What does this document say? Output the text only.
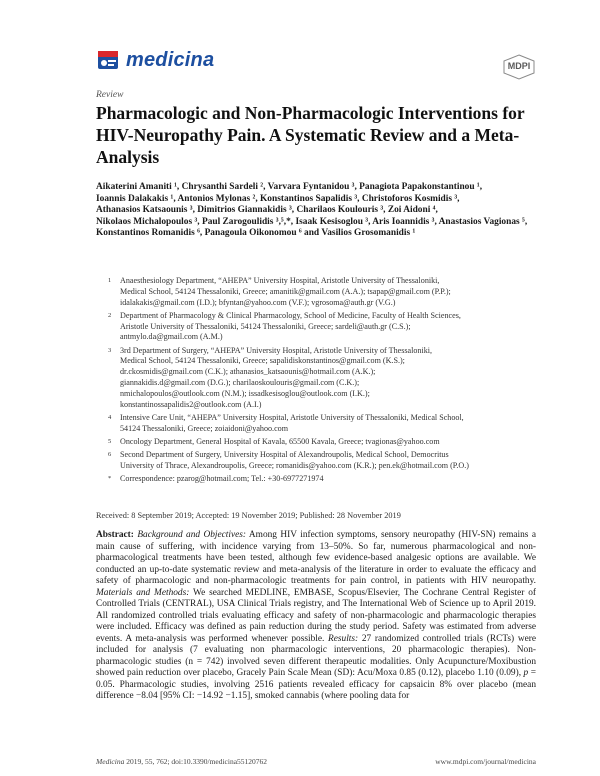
medicina	MDPI
Review
Pharmacologic and Non-Pharmacologic Interventions for HIV-Neuropathy Pain. A Systematic Review and a Meta-Analysis
Aikaterini Amaniti ¹, Chrysanthi Sardeli ², Varvara Fyntanidou ³, Panagiota Papakonstantinou ¹, Ioannis Dalakakis ¹, Antonios Mylonas ², Konstantinos Sapalidis ³, Christoforos Kosmidis ³, Athanasios Katsaounis ³, Dimitrios Giannakidis ³, Charilaos Koulouris ³, Zoi Aidoni ⁴, Nikolaos Michalopoulos ³, Paul Zarogoulidis ³,⁵,*, Isaak Kesisoglou ³, Aris Ioannidis ³, Anastasios Vagionas ⁵, Konstantinos Romanidis ⁶, Panagoula Oikonomou ⁶ and Vasilios Grosomanidis ¹
1 Anaesthesiology Department, “AHEPA” University Hospital, Aristotle University of Thessaloniki,
Medical School, 54124 Thessaloniki, Greece; amanitik@gmail.com (A.A.); tsapap@gmail.com (P.P.);
idalakakis@gmail.com (I.D.); bfyntan@yahoo.com (V.F.); vgrosoma@auth.gr (V.G.)
2 Department of Pharmacology & Clinical Pharmacology, School of Medicine, Faculty of Health Sciences,
Aristotle University of Thessaloniki, 54124 Thessaloniki, Greece; sardeli@auth.gr (C.S.);
antmylo.da@gmail.com (A.M.)
3 3rd Department of Surgery, “AHEPA” University Hospital, Aristotle University of Thessaloniki,
Medical School, 54124 Thessaloniki, Greece; sapalidiskonstantinos@gmail.com (K.S.);
dr.ckosmidis@gmail.com (C.K.); athanasios_katsaounis@hotmail.com (A.K.);
giannakidis.d@gmail.com (D.G.); charilaoskoulouris@gmail.com (C.K.);
nmichalopoulos@outlook.com (N.M.); issadkesisoglou@outlook.com (I.K.);
konstantinossapalidis2@outlook.com (A.I.)
4 Intensive Care Unit, “AHEPA” University Hospital, Aristotle University of Thessaloniki, Medical School,
54124 Thessaloniki, Greece; zoiaidoni@yahoo.com
5 Oncology Department, General Hospital of Kavala, 65500 Kavala, Greece; tvagionas@yahoo.com
6 Second Department of Surgery, University Hospital of Alexandroupolis, Medical School, Democritus
University of Thrace, Alexandroupolis, Greece; romanidis@yahoo.com (K.R.); pen.ek@hotmail.com (P.O.)
* Correspondence: pzarog@hotmail.com; Tel.: +30-6977271974
Received: 8 September 2019; Accepted: 19 November 2019; Published: 28 November 2019
Abstract: Background and Objectives: Among HIV infection symptoms, sensory neuropathy (HIV-SN) remains a main cause of suffering, with incidence varying from 13–50%. So far, numerous pharmacological and non-pharmacological treatments have been tested, although few evidence-based analgesic options are available. We conducted an up-to-date systematic review and meta-analysis of the literature in order to evaluate the efficacy and safety of pharmacologic and non-pharmacologic treatments for pain control, in patients with HIV neuropathy. Materials and Methods: We searched MEDLINE, EMBASE, Scopus/Elsevier, The Cochrane Central Register of Controlled Trials (CENTRAL), USA Clinical Trials registry, and The International Web of Science up to April 2019. All randomized controlled trials evaluating efficacy and safety of non-pharmacologic and pharmacologic therapies were included. Efficacy was defined as pain reduction during the study period. Safety was estimated from adverse events. A meta-analysis was performed whenever possible. Results: 27 randomized controlled trials (RCTs) were included for analysis (7 evaluating non pharmacologic interventions, 20 pharmacologic therapies). Non-pharmacologic studies (n = 742) involved seven different therapeutic modalities. Only Acupuncture/Moxibustion showed pain reduction over placebo, Gracely Pain Scale Mean (SD): Acu/Moxa 0.85 (0.12), placebo 1.10 (0.09), p = 0.05. Pharmacologic studies, involving 2516 patients revealed efficacy for capsaicin 8% over placebo (mean difference −8.04 [95% CI: −14.92 −1.15], smoked cannabis (where pooling data for
Medicina 2019, 55, 762; doi:10.3390/medicina55120762	www.mdpi.com/journal/medicina
